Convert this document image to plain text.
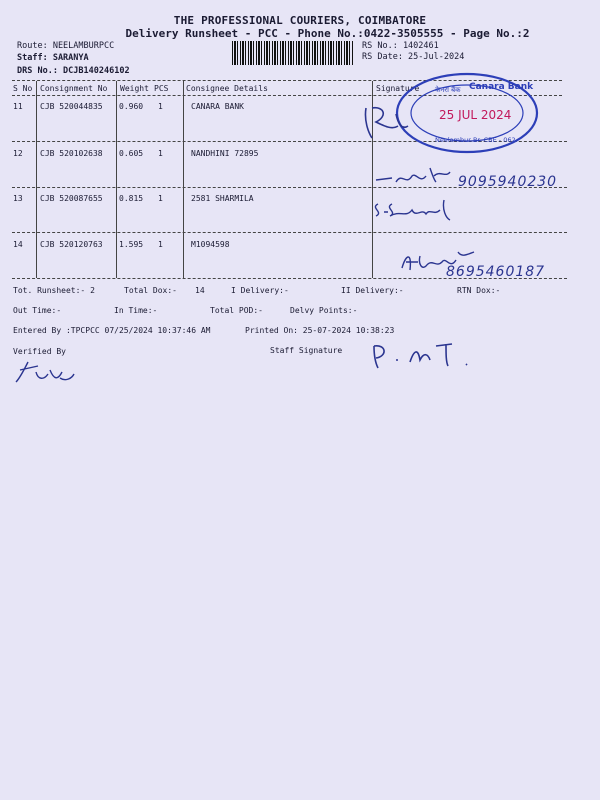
THE PROFESSIONAL COURIERS, COIMBATORE
Delivery Runsheet - PCC - Phone No.:0422-3505555 - Page No.:2
Route: NEELAMBURPCC
Staff: SARANYA
DRS No.: DCJB140246102
RS No.: 1402461
RS Date: 25-Jul-2024
S No Consignment No Weight PCS Consignee Details	Signature
11 CJB 520044835 0.960 1	CANARA BANK
12 CJB 520102638 0.605 1	NANDHINI 72895
13 CJB 520087655 0.815 1	2581 SHARMILA
14 CJB 520120763 1.595 1	M1094598
Tot. Runsheet:- 2	Total Dox:- 14	I Delivery:-	II Delivery:-	RTN Dox:-
Out Time:-	In Time:-	Total POD:-	Delvy Points:-
Entered By :TPCPCC 07/25/2024 10:37:46 AM	Printed On: 25-07-2024 10:38:23
Verified By	Staff Signature
Canara Bank
केनरा बैंक
25 JUL 2024
Neelambur Br. CBE - 062
9095940230
8695460187
